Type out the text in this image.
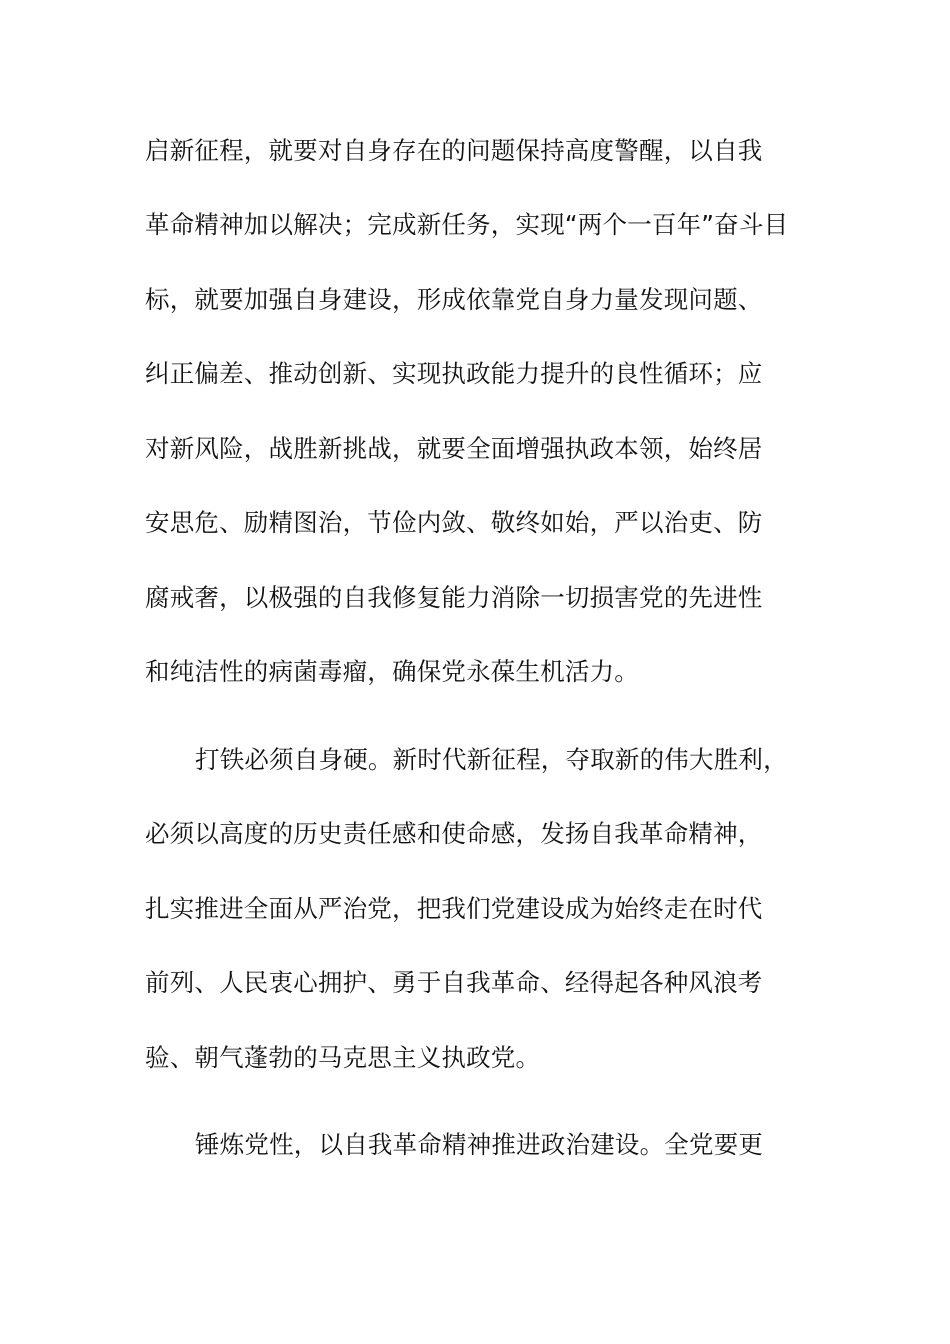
启新征程，就要对自身存在的问题保持高度警醒，以自我
革命精神加以解决；完成新任务，实现“两个一百年”奋斗目
标，就要加强自身建设，形成依靠党自身力量发现问题、
纠正偏差、推动创新、实现执政能力提升的良性循环；应
对新风险，战胜新挑战，就要全面增强执政本领，始终居
安思危、励精图治，节俭内敛、敬终如始，严以治吏、防
腐戒奢，以极强的自我修复能力消除一切损害党的先进性
和纯洁性的病菌毒瘤，确保党永葆生机活力。
打铁必须自身硬。新时代新征程，夺取新的伟大胜利，
必须以高度的历史责任感和使命感，发扬自我革命精神，
扎实推进全面从严治党，把我们党建设成为始终走在时代
前列、人民衷心拥护、勇于自我革命、经得起各种风浪考
验、朝气蓬勃的马克思主义执政党。
锤炼党性，以自我革命精神推进政治建设。全党要更
